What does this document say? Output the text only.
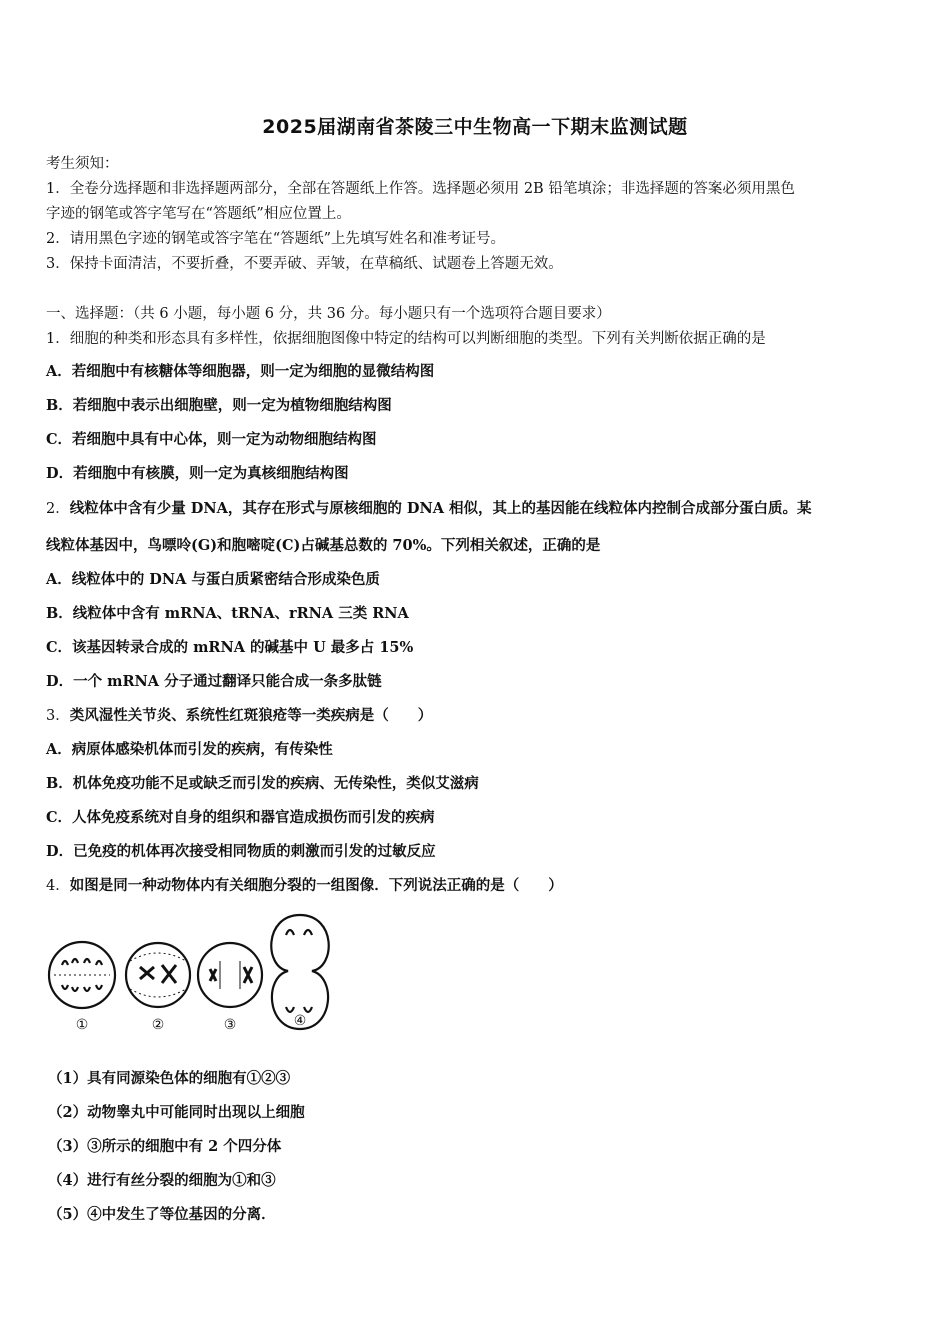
2025届湖南省茶陵三中生物高一下期末监测试题
考生须知：
1．全卷分选择题和非选择题两部分，全部在答题纸上作答。选择题必须用 2B 铅笔填涂；非选择题的答案必须用黑色
字迹的钢笔或答字笔写在“答题纸”相应位置上。
2．请用黑色字迹的钢笔或答字笔在“答题纸”上先填写姓名和准考证号。
3．保持卡面清洁，不要折叠，不要弄破、弄皱，在草稿纸、试题卷上答题无效。
一、选择题：（共 6 小题，每小题 6 分，共 36 分。每小题只有一个选项符合题目要求）
1．细胞的种类和形态具有多样性，依据细胞图像中特定的结构可以判断细胞的类型。下列有关判断依据正确的是
A．若细胞中有核糖体等细胞器，则一定为细胞的显微结构图
B．若细胞中表示出细胞壁，则一定为植物细胞结构图
C．若细胞中具有中心体，则一定为动物细胞结构图
D．若细胞中有核膜，则一定为真核细胞结构图
2．线粒体中含有少量 DNA，其存在形式与原核细胞的 DNA 相似，其上的基因能在线粒体内控制合成部分蛋白质。某
线粒体基因中，鸟嘌呤(G)和胞嘧啶(C)占碱基总数的 70%。下列相关叙述，正确的是
A．线粒体中的 DNA 与蛋白质紧密结合形成染色质
B．线粒体中含有 mRNA、tRNA、rRNA 三类 RNA
C．该基因转录合成的 mRNA 的碱基中 U 最多占 15%
D．一个 mRNA 分子通过翻译只能合成一条多肽链
3．类风湿性关节炎、系统性红斑狼疮等一类疾病是（　　）
A．病原体感染机体而引发的疾病，有传染性
B．机体免疫功能不足或缺乏而引发的疾病、无传染性，类似艾滋病
C．人体免疫系统对自身的组织和器官造成损伤而引发的疾病
D．已免疫的机体再次接受相同物质的刺激而引发的过敏反应
4．如图是同一种动物体内有关细胞分裂的一组图像．下列说法正确的是（　　）
①	②	③	④
（1）具有同源染色体的细胞有①②③
（2）动物睾丸中可能同时出现以上细胞
（3）③所示的细胞中有 2 个四分体
（4）进行有丝分裂的细胞为①和③
（5）④中发生了等位基因的分离．
